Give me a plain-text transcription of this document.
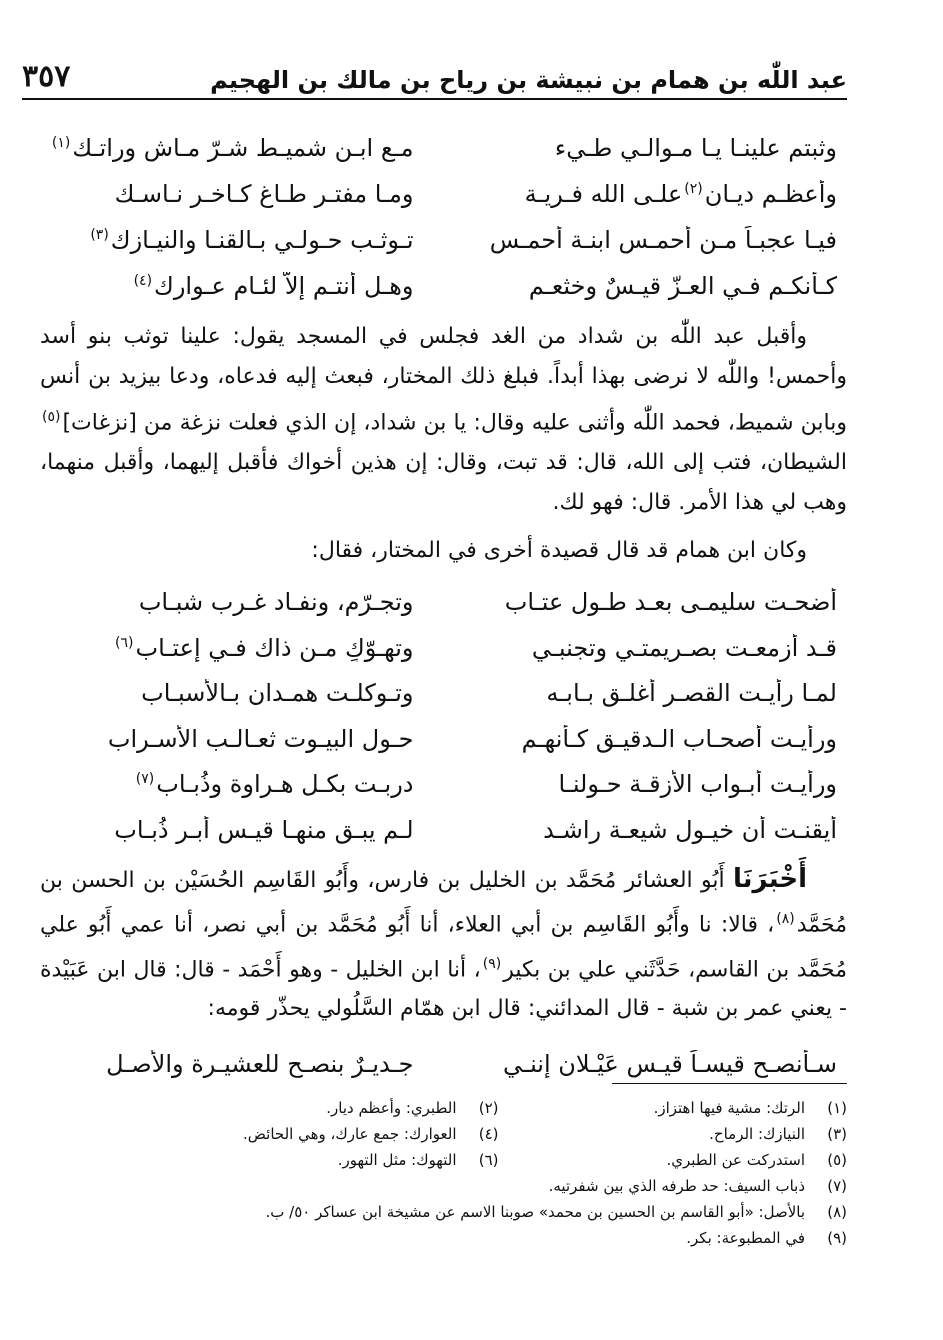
عبد اللّٰه بن همام بن نبيشة بن رياح بن مالك بن الهجيم
٣٥٧
وثبتم علينـا يـا مـوالـي طـيء
مـع ابـن شميـط شـرّ مـاش وراتـك$^{(١)}$
وأعظـم ديـانٍ$^{(٢)}$علـى الله فـريـة
ومـا مفتـر طـاغٍ كـاخـر نـاسـك
فيـا عجبـاً مـن أحمـس ابنـة أحمـس
تـوثـب حـولـي بـالقنـا والنيـازك$^{(٣)}$
كـأنكـم فـي العـزّ قيـسٌ وخثعـم
وهـل أنتـم إلاّ لئـام عـوارك$^{(٤)}$

وأقبل عبد اللّٰه بن شداد من الغد فجلس في المسجد يقول: علينا توثب بنو أسد وأحمس! واللّٰه لا نرضى بهذا أبداً. فبلغ ذلك المختار، فبعث إليه فدعاه، ودعا بيزيد بن أنس وبابن شميط، فحمد اللّٰه وأثنى عليه وقال: يا بن شداد، إن الذي فعلت نزغة من [نزغات]$^{(٥)}$ الشيطان، فتب إلى الله، قال: قد تبت، وقال: إن هذين أخواك فأقبل إليهما، وأقبل منهما، وهب لي هذا الأمر. قال: فهو لك.

وكان ابن همام قد قال قصيدة أخرى في المختار، فقال:

أضحـت سليمـى بعـد طـول عتـاب
وتجـرّم، ونفـاد غـرب شبـاب
قـد أزمعـت بصـريمتـي وتجنبـي
وتهـوّكٍ مـن ذاك فـي إعتـاب$^{(٦)}$
لمـا رأيـت القصـر أغلـق بـابـه
وتـوكلـت همـدان بـالأسبـاب
ورأيـت أصحـاب الـدقيـق كـأنهـم
حـول البيـوت ثعـالـب الأسـراب
ورأيـت أبـواب الأزقـة حـولنـا
دربـت بكـل هـراوة وذُبـاب$^{(٧)}$
أيقنـت أن خيـول شيعـة راشـد
لـم يبـق منهـا قيـس أبـر ذُبـاب

أَخْبَرَنَا أَبُو العشائر مُحَمَّد بن الخليل بن فارس، وأَبُو القَاسِم الحُسَيْن بن الحسن بن مُحَمَّد$^{(٨)}$، قالا: نا وأَبُو القَاسِم بن أبي العلاء، أنا أَبُو مُحَمَّد بن أبي نصر، أنا عمي أَبُو علي مُحَمَّد بن القاسم، حَدَّثَني علي بن بكير$^{(٩)}$، أنا ابن الخليل - وهو أَحْمَد - قال: قال ابن عَبَيْدة - يعني عمر بن شبة - قال المدائني: قال ابن همّام السَّلُولي يحذّر قومه:

سـأنصـح قيسـاً قيـس عَيْـلان إننـي
جـديـرٌ بنصـحٍ للعشيـرة والأصـلِ
(١)
الرتك: مشية فيها اهتزاز.
(٢)
الطبري: وأعظم ديار.
(٣)
النيازك: الرماح.
(٤)
العوارك: جمع عارك، وهي الحائض.
(٥)
استدركت عن الطبري.
(٦)
التهوك: مثل التهور.
(٧)
ذباب السيف: حد طرفه الذي بين شفرتيه.
(٨)
بالأصل: «أبو القاسم بن الحسين بن محمد» صوبنا الاسم عن مشيخة ابن عساكر ٥٠/ ب.
(٩)
في المطبوعة: بكر.
